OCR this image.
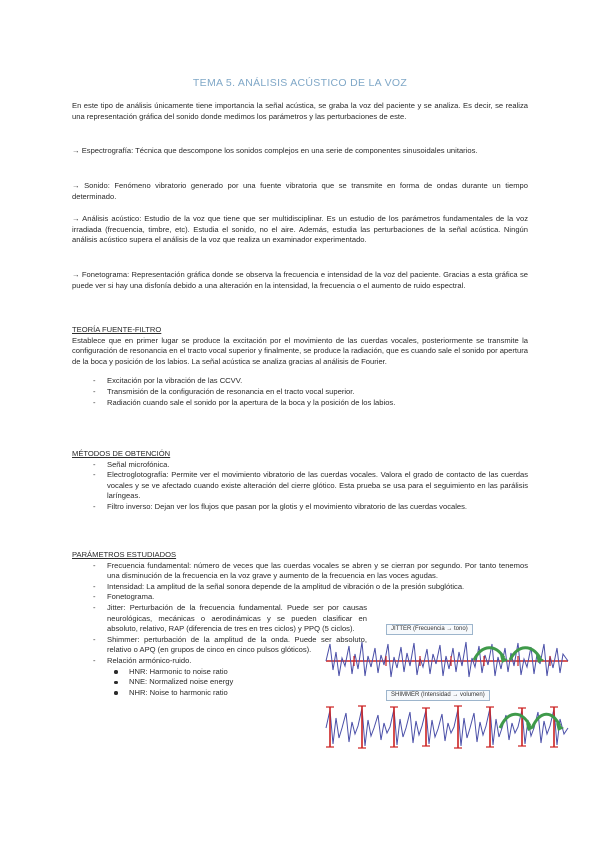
TEMA 5. ANÁLISIS ACÚSTICO DE LA VOZ
En este tipo de análisis únicamente tiene importancia la señal acústica, se graba la voz del paciente y se analiza. Es decir, se realiza una representación gráfica del sonido donde medimos los parámetros y las perturbaciones de este.
→ Espectrografía: Técnica que descompone los sonidos complejos en una serie de componentes sinusoidales unitarios.
→ Sonido: Fenómeno vibratorio generado por una fuente vibratoria que se transmite en forma de ondas durante un tiempo determinado.
→ Análisis acústico: Estudio de la voz que tiene que ser multidisciplinar. Es un estudio de los parámetros fundamentales de la voz irradiada (frecuencia, timbre, etc). Estudia el sonido, no el aire. Además, estudia las perturbaciones de la señal acústica. Ningún análisis acústico supera el análisis de la voz que realiza un examinador experimentado.
→ Fonetograma: Representación gráfica donde se observa la frecuencia e intensidad de la voz del paciente. Gracias a esta gráfica se puede ver si hay una disfonía debido a una alteración en la intensidad, la frecuencia o el aumento de ruido espectral.

TEORÍA FUENTE-FILTRO

Establece que en primer lugar se produce la excitación por el movimiento de las cuerdas vocales, posteriormente se transmite la configuración de resonancia en el tracto vocal superior y finalmente, se produce la radiación, que es cuando sale el sonido por apertura de la boca y posición de los labios. La señal acústica se analiza gracias al análisis de Fourier.

- Excitación por la vibración de las CCVV.
- Transmisión de la configuración de resonancia en el tracto vocal superior.
- Radiación cuando sale el sonido por la apertura de la boca y la posición de los labios.

MÉTODOS DE OBTENCIÓN

- Señal microfónica.
- Electroglotografía: Permite ver el movimiento vibratorio de las cuerdas vocales. Valora el grado de contacto de las cuerdas vocales y se ve afectado cuando existe alteración del cierre glótico. Esta prueba se usa para el seguimiento en las parálisis laríngeas.
- Filtro inverso: Dejan ver los flujos que pasan por la glotis y el movimiento vibratorio de las cuerdas vocales.

PARÁMETROS ESTUDIADOS

- Frecuencia fundamental: número de veces que las cuerdas vocales se abren y se cierran por segundo. Por tanto tenemos una disminución de la frecuencia en la voz grave y aumento de la frecuencia en las voces agudas.
- Intensidad: La amplitud de la señal sonora depende de la amplitud de vibración o de la presión subglótica.
- Fonetograma.
- Jitter: Perturbación de la frecuencia fundamental. Puede ser por causas neurológicas, mecánicas o aerodinámicas y se pueden clasificar en absoluto, relativo, RAP (diferencia de tres en tres ciclos) y PPQ (5 ciclos).
- Shimmer: perturbación de la amplitud de la onda. Puede ser absoluto, relativo o APQ (en grupos de cinco en cinco pulsos glóticos).
- Relación armónico-ruido.
HNR: Harmonic to noise ratio
NNE: Normalized noise energy
NHR: Noise to harmonic ratio
JITTER (Frecuencia → tono)
SHIMMER (Intensidad → volumen)
